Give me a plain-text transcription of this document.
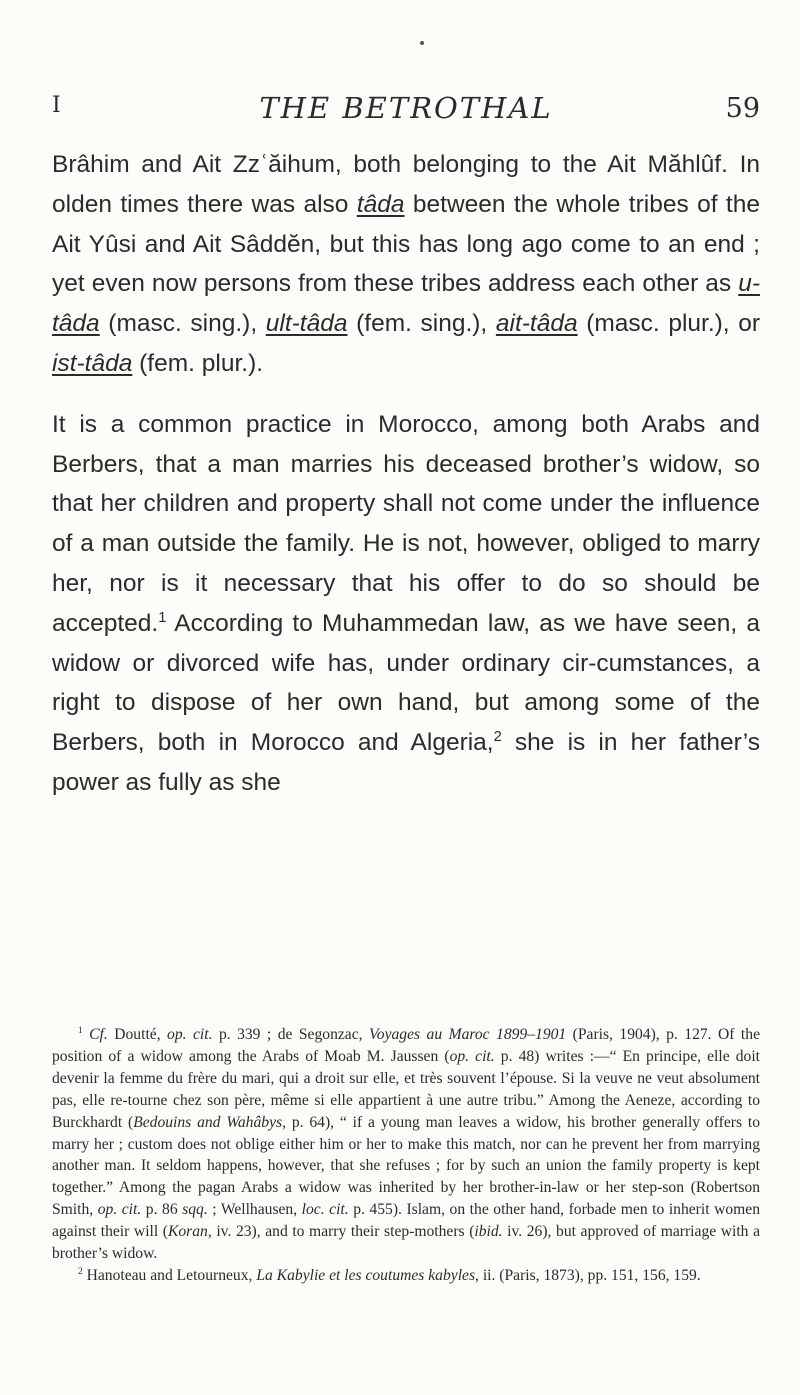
I	THE BETROTHAL	59

Brâhim and Ait Zzʿăihum, both belonging to the Ait Măhlûf. In olden times there was also tâda between the whole tribes of the Ait Yûsi and Ait Sâddĕn, but this has long ago come to an end ; yet even now persons from these tribes address each other as u-tâda (masc. sing.), ult-tâda (fem. sing.), ait-tâda (masc. plur.), or ist-tâda (fem. plur.).

It is a common practice in Morocco, among both Arabs and Berbers, that a man marries his deceased brother’s widow, so that her children and property shall not come under the influence of a man outside the family. He is not, however, obliged to marry her, nor is it necessary that his offer to do so should be accepted.$^1$ According to Muhammedan law, as we have seen, a widow or divorced wife has, under ordinary cir-cumstances, a right to dispose of her own hand, but among some of the Berbers, both in Morocco and Algeria,$^2$ she is in her father’s power as fully as she

$^1$ Cf. Doutté, op. cit. p. 339 ; de Segonzac, Voyages au Maroc 1899–1901 (Paris, 1904), p. 127. Of the position of a widow among the Arabs of Moab M. Jaussen (op. cit. p. 48) writes :—“ En principe, elle doit devenir la femme du frère du mari, qui a droit sur elle, et très souvent l’épouse. Si la veuve ne veut absolument pas, elle re-tourne chez son père, même si elle appartient à une autre tribu.” Among the Aeneze, according to Burckhardt (Bedouins and Wahâbys, p. 64), “ if a young man leaves a widow, his brother generally offers to marry her ; custom does not oblige either him or her to make this match, nor can he prevent her from marrying another man. It seldom happens, however, that she refuses ; for by such an union the family property is kept together.” Among the pagan Arabs a widow was inherited by her brother-in-law or her step-son (Robertson Smith, op. cit. p. 86 sqq. ; Wellhausen, loc. cit. p. 455). Islam, on the other hand, forbade men to inherit women against their will (Koran, iv. 23), and to marry their step-mothers (ibid. iv. 26), but approved of marriage with a brother’s widow.

$^2$ Hanoteau and Letourneux, La Kabylie et les coutumes kabyles, ii. (Paris, 1873), pp. 151, 156, 159.
